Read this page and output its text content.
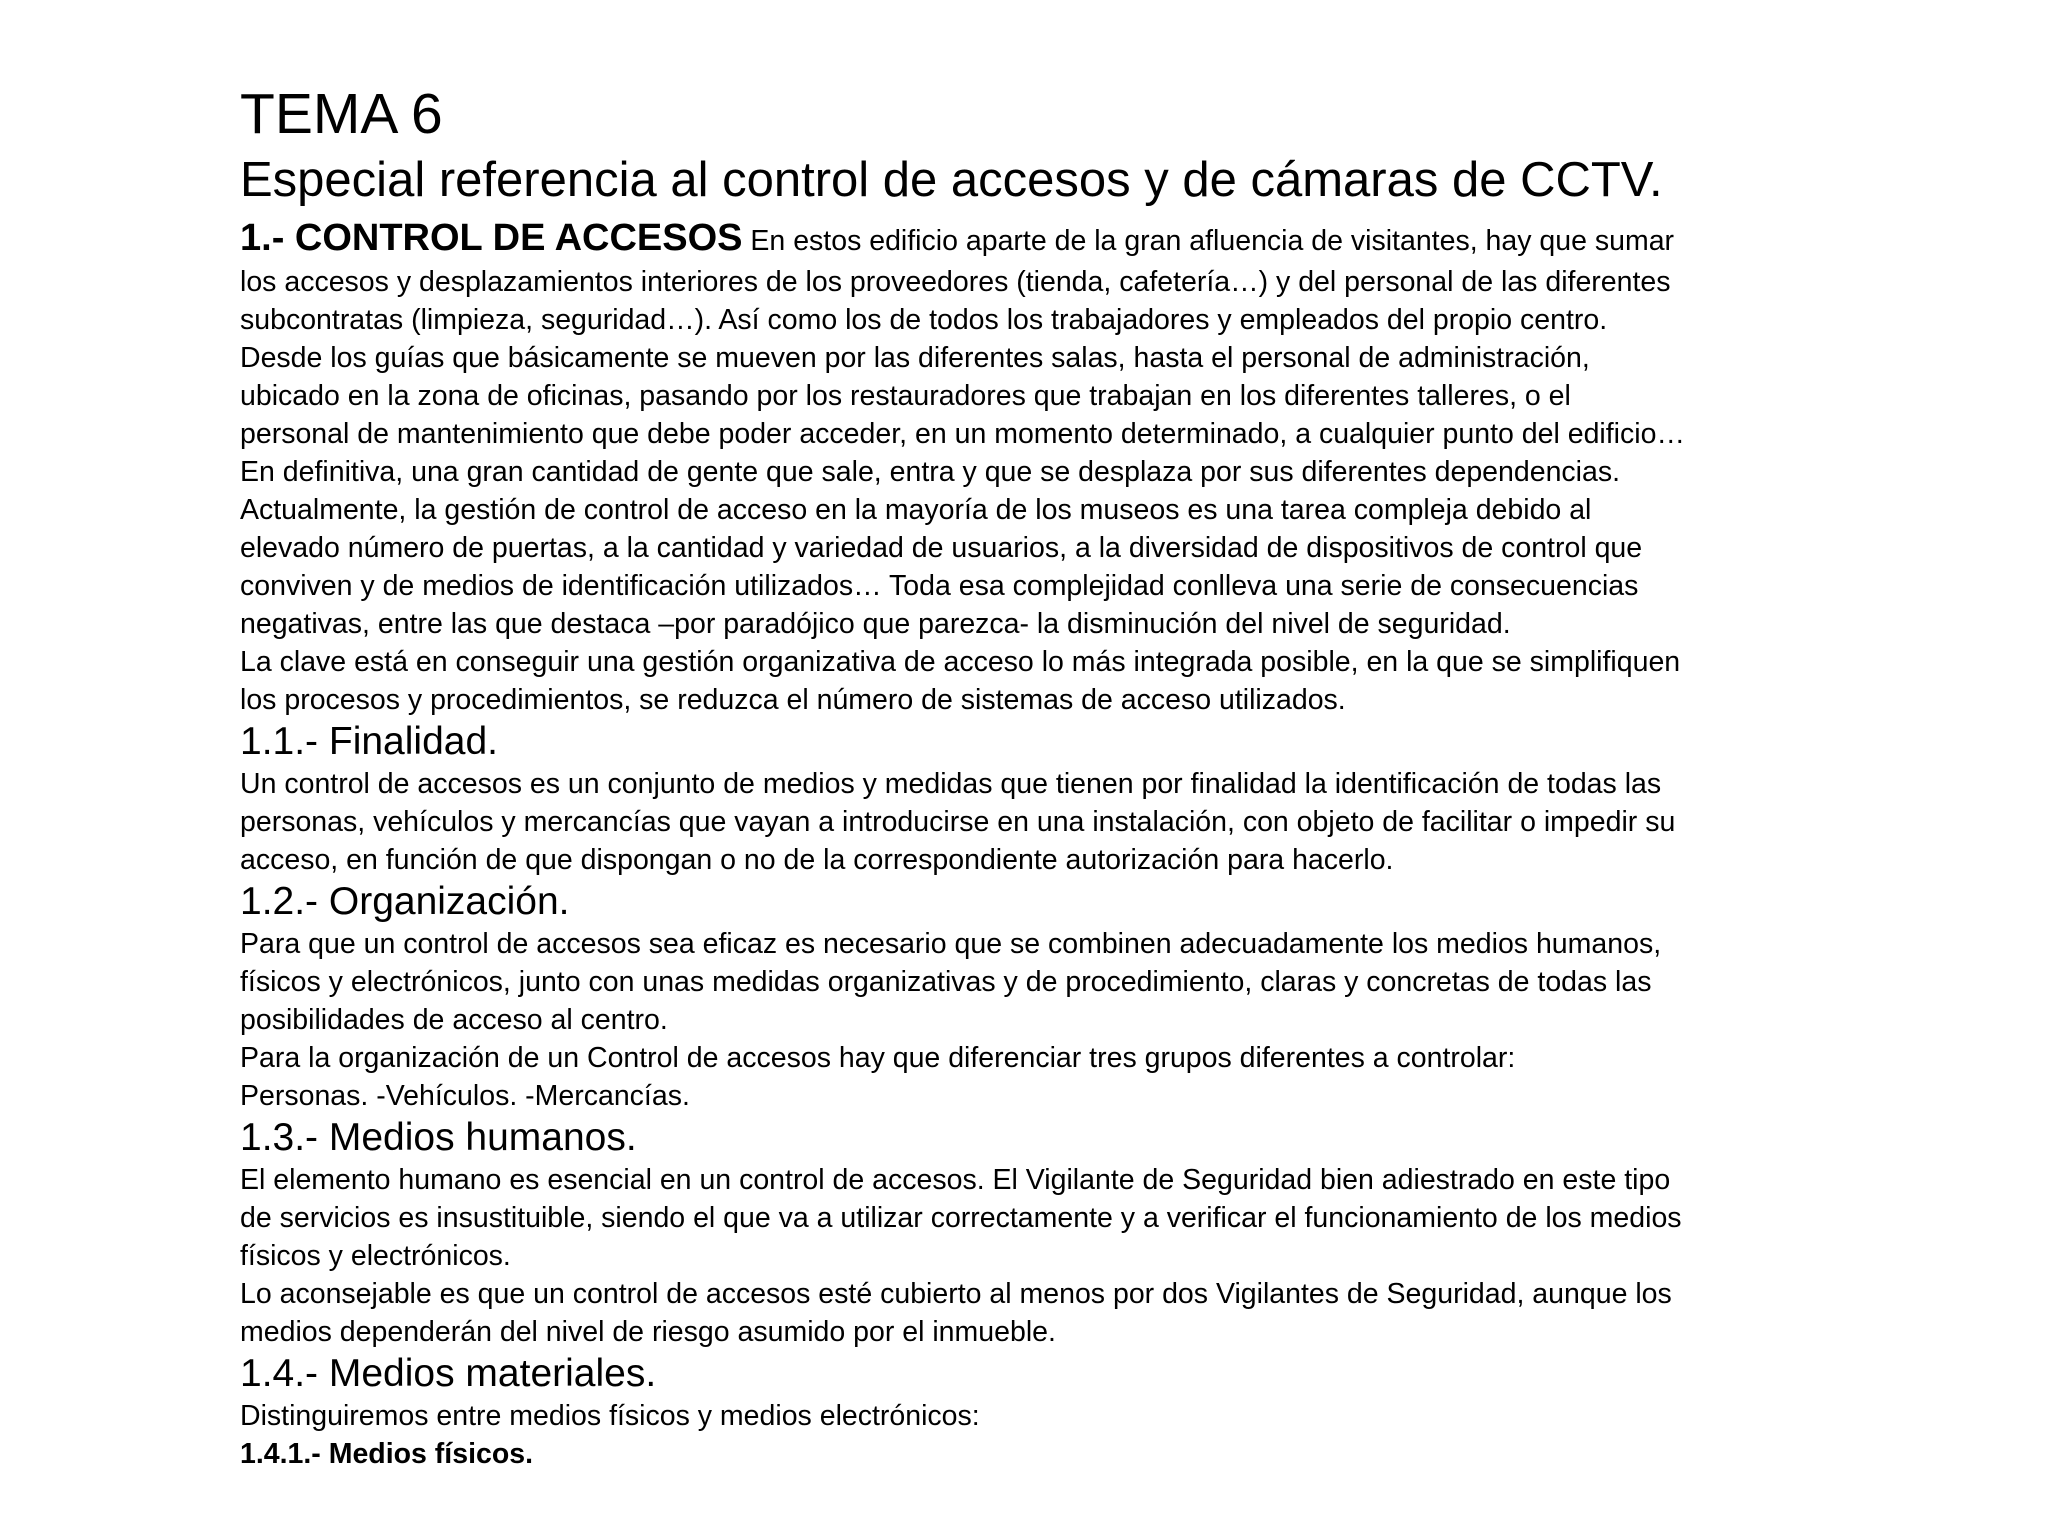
TEMA 6
Especial referencia al control de accesos y de cámaras de CCTV.

1.- CONTROL DE ACCESOS En estos edificio aparte de la gran afluencia de visitantes, hay que sumar

los accesos y desplazamientos interiores de los proveedores (tienda, cafetería…) y del personal de las diferentes

subcontratas (limpieza, seguridad…). Así como los de todos los trabajadores y empleados del propio centro.

Desde los guías que básicamente se mueven por las diferentes salas, hasta el personal de administración,

ubicado en la zona de oficinas, pasando por los restauradores que trabajan en los diferentes talleres, o el

personal de mantenimiento que debe poder acceder, en un momento determinado, a cualquier punto del edificio…

En definitiva, una gran cantidad de gente que sale, entra y que se desplaza por sus diferentes dependencias.

Actualmente, la gestión de control de acceso en la mayoría de los museos es una tarea compleja debido al

elevado número de puertas, a la cantidad y variedad de usuarios, a la diversidad de dispositivos de control que

conviven y de medios de identificación utilizados… Toda esa complejidad conlleva una serie de consecuencias

negativas, entre las que destaca –por paradójico que parezca- la disminución del nivel de seguridad.

La clave está en conseguir una gestión organizativa de acceso lo más integrada posible, en la que se simplifiquen

los procesos y procedimientos, se reduzca el número de sistemas de acceso utilizados.

1.1.- Finalidad.

Un control de accesos es un conjunto de medios y medidas que tienen por finalidad la identificación de todas las

personas, vehículos y mercancías que vayan a introducirse en una instalación, con objeto de facilitar o impedir su

acceso, en función de que dispongan o no de la correspondiente autorización para hacerlo.

1.2.- Organización.

Para que un control de accesos sea eficaz es necesario que se combinen adecuadamente los medios humanos,

físicos y electrónicos, junto con unas medidas organizativas y de procedimiento, claras y concretas de todas las

posibilidades de acceso al centro.

Para la organización de un Control de accesos hay que diferenciar tres grupos diferentes a controlar:

Personas. -Vehículos. -Mercancías.

1.3.- Medios humanos.

El elemento humano es esencial en un control de accesos. El Vigilante de Seguridad bien adiestrado en este tipo

de servicios es insustituible, siendo el que va a utilizar correctamente y a verificar el funcionamiento de los medios

físicos y electrónicos.

Lo aconsejable es que un control de accesos esté cubierto al menos por dos Vigilantes de Seguridad, aunque los

medios dependerán del nivel de riesgo asumido por el inmueble.

1.4.- Medios materiales.

Distinguiremos entre medios físicos y medios electrónicos:

1.4.1.- Medios físicos.
